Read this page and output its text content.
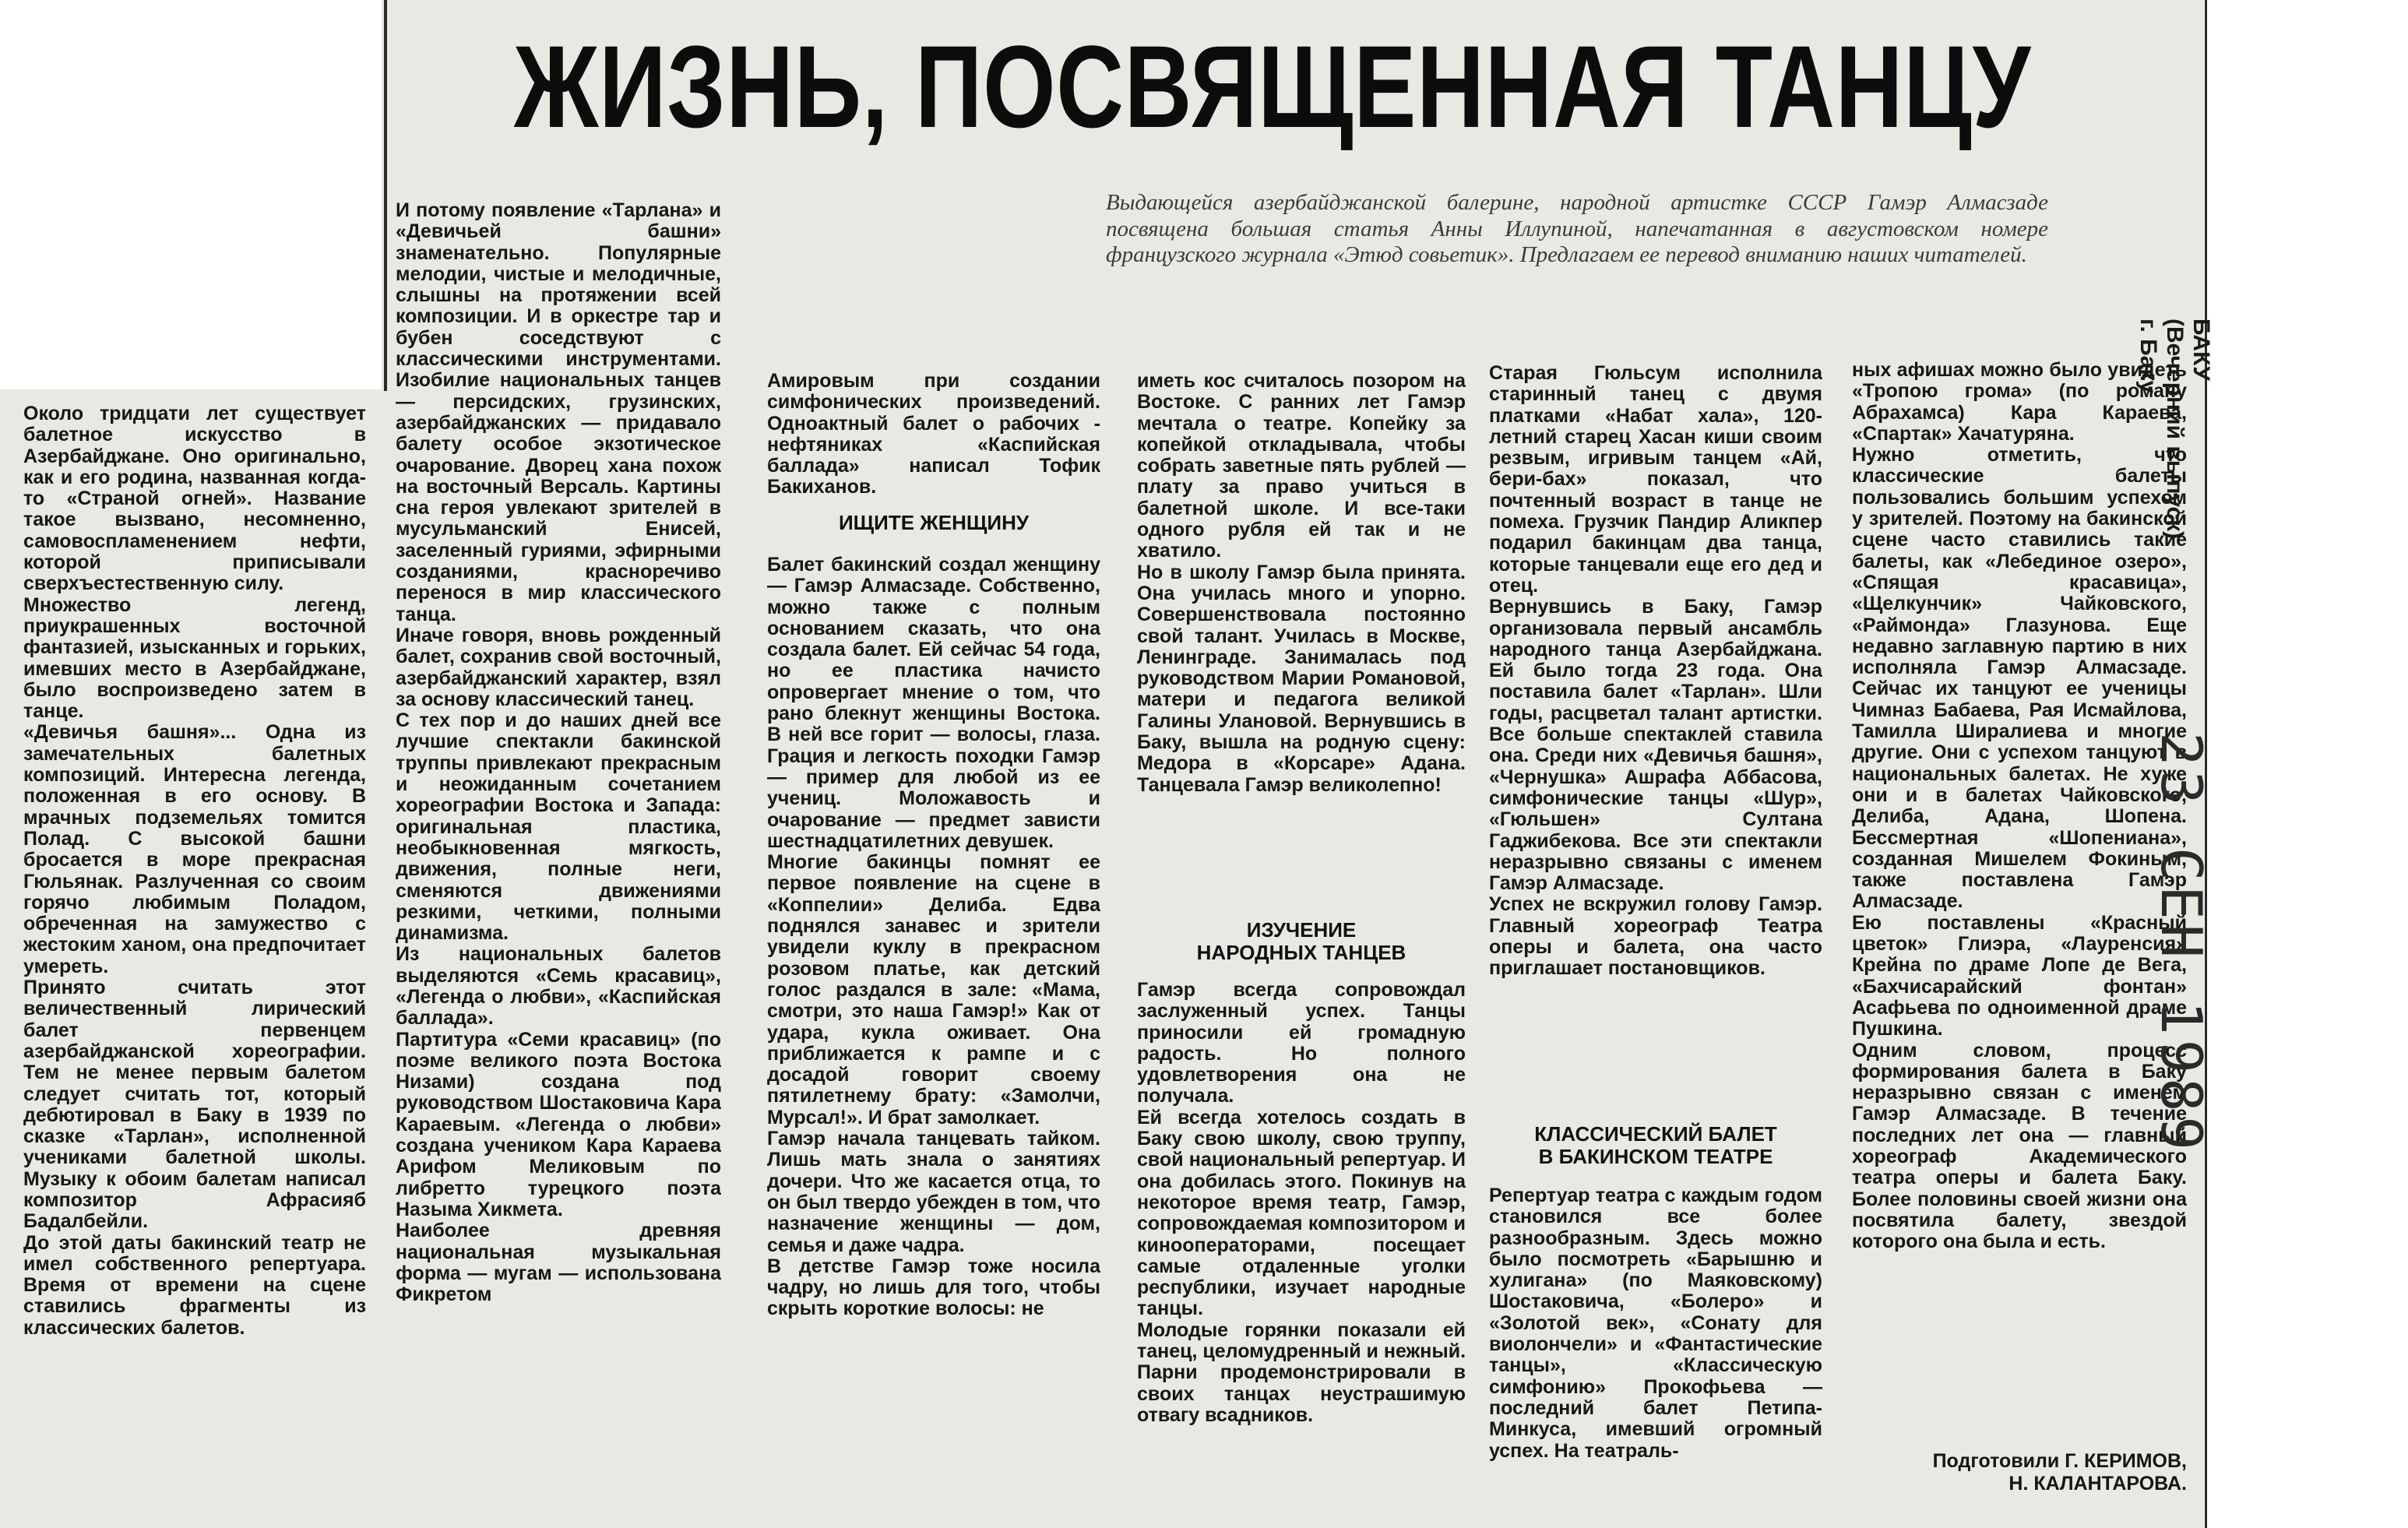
ЖИЗНЬ, ПОСВЯЩЕННАЯ ТАНЦУ

Выдающейся азербайджанской балерине, народной артистке СССР Гамэр Алмасзаде посвящена большая статья Анны Иллупиной, напечатанная в августовском номере французского журнала «Этюд совьетик». Предлагаем ее перевод вниманию наших читателей.

Около тридцати лет существует балетное искусство в Азербайджане. Оно оригинально, как и его родина, названная когда-то «Страной огней». Название такое вызвано, несомненно, самовоспламенением нефти, которой приписывали сверхъестественную силу.
Множество легенд, приукрашенных восточной фантазией, изысканных и горьких, имевших место в Азербайджане, было воспроизведено затем в танце.
«Девичья башня»... Одна из замечательных балетных композиций. Интересна легенда, положенная в его основу. В мрачных подземельях томится Полад. С высокой башни бросается в море прекрасная Гюльянак. Разлученная со своим горячо любимым Поладом, обреченная на замужество с жестоким ханом, она предпочитает умереть.
Принято считать этот величественный лирический балет первенцем азербайджанской хореографии. Тем не менее первым балетом следует считать тот, который дебютировал в Баку в 1939 по сказке «Тарлан», исполненной учениками балетной школы. Музыку к обоим балетам написал композитор Афрасияб Бадалбейли.
До этой даты бакинский театр не имел собственного репертуара. Время от времени на сцене ставились фрагменты из классических балетов.
И потому появление «Тарлана» и «Девичьей башни» знаменательно. Популярные мелодии, чистые и мелодичные, слышны на протяжении всей композиции. И в оркестре тар и бубен соседствуют с классическими инструментами. Изобилие национальных танцев — персидских, грузинских, азербайджанских — придавало балету особое экзотическое очарование. Дворец хана похож на восточный Версаль. Картины сна героя увлекают зрителей в мусульманский Енисей, заселенный гуриями, эфирными созданиями, красноречиво перенося в мир классического танца.
Иначе говоря, вновь рожденный балет, сохранив свой восточный, азербайджанский характер, взял за основу классический танец.
С тех пор и до наших дней все лучшие спектакли бакинской труппы привлекают прекрасным и неожиданным сочетанием хореографии Востока и Запада: оригинальная пластика, необыкновенная мягкость, движения, полные неги, сменяются движениями резкими, четкими, полными динамизма.
Из национальных балетов выделяются «Семь красавиц», «Легенда о любви», «Каспийская баллада».
Партитура «Семи красавиц» (по поэме великого поэта Востока Низами) создана под руководством Шостаковича Кара Караевым. «Легенда о любви» создана учеником Кара Караева Арифом Меликовым по либретто турецкого поэта Назыма Хикмета.
Наиболее древняя национальная музыкальная форма — мугам — использована Фикретом
Амировым при создании симфонических произведений. Одноактный балет о рабочих - нефтяниках «Каспийская баллада» написал Тофик Бакиханов.
ИЩИТЕ ЖЕНЩИНУ
Балет бакинский создал женщину — Гамэр Алмасзаде. Собственно, можно также с полным основанием сказать, что она создала балет. Ей сейчас 54 года, но ее пластика начисто опровергает мнение о том, что рано блекнут женщины Востока. В ней все горит — волосы, глаза. Грация и легкость походки Гамэр — пример для любой из ее учениц. Моложавость и очарование — предмет зависти шестнадцатилетних девушек.
Многие бакинцы помнят ее первое появление на сцене в «Коппелии» Делиба. Едва поднялся занавес и зрители увидели куклу в прекрасном розовом платье, как детский голос раздался в зале: «Мама, смотри, это наша Гамэр!» Как от удара, кукла оживает. Она приближается к рампе и с досадой говорит своему пятилетнему брату: «Замолчи, Мурсал!». И брат замолкает.
Гамэр начала танцевать тайком. Лишь мать знала о занятиях дочери. Что же касается отца, то он был твердо убежден в том, что назначение женщины — дом, семья и даже чадра.
В детстве Гамэр тоже носила чадру, но лишь для того, чтобы скрыть короткие волосы: не
иметь кос считалось позором на Востоке. С ранних лет Гамэр мечтала о театре. Копейку за копейкой откладывала, чтобы собрать заветные пять рублей — плату за право учиться в балетной школе. И все-таки одного рубля ей так и не хватило.
Но в школу Гамэр была принята. Она училась много и упорно. Совершенствовала постоянно свой талант. Училась в Москве, Ленинграде. Занималась под руководством Марии Романовой, матери и педагога великой Галины Улановой. Вернувшись в Баку, вышла на родную сцену: Медора в «Корсаре» Адана. Танцевала Гамэр великолепно!
ИЗУЧЕНИЕ
НАРОДНЫХ ТАНЦЕВ
Гамэр всегда сопровождал заслуженный успех. Танцы приносили ей громадную радость. Но полного удовлетворения она не получала.
Ей всегда хотелось создать в Баку свою школу, свою труппу, свой национальный репертуар. И она добилась этого. Покинув на некоторое время театр, Гамэр, сопровождаемая композитором и кинооператорами, посещает самые отдаленные уголки республики, изучает народные танцы.
Молодые горянки показали ей танец, целомудренный и нежный. Парни продемонстрировали в своих танцах неустрашимую отвагу всадников.
Старая Гюльсум исполнила старинный танец с двумя платками «Набат хала», 120-летний старец Хасан киши своим резвым, игривым танцем «Ай, бери-бах» показал, что почтенный возраст в танце не помеха. Грузчик Пандир Аликпер подарил бакинцам два танца, которые танцевали еще его дед и отец.
Вернувшись в Баку, Гамэр организовала первый ансамбль народного танца Азербайджана. Ей было тогда 23 года. Она поставила балет «Тарлан». Шли годы, расцветал талант артистки. Все больше спектаклей ставила она. Среди них «Девичья башня», «Чернушка» Ашрафа Аббасова, симфонические танцы «Шур», «Гюльшен» Султана Гаджибекова. Все эти спектакли неразрывно связаны с именем Гамэр Алмасзаде.
Успех не вскружил голову Гамэр. Главный хореограф Театра оперы и балета, она часто приглашает постановщиков.
КЛАССИЧЕСКИЙ БАЛЕТ
В БАКИНСКОМ ТЕАТРЕ
Репертуар театра с каждым годом становился все более разнообразным. Здесь можно было посмотреть «Барышню и хулигана» (по Маяковскому) Шостаковича, «Болеро» и «Золотой век», «Сонату для виолончели» и «Фантастические танцы», «Классическую симфонию» Прокофьева — последний балет Петипа-Минкуса, имевший огромный успех. На театраль-
ных афишах можно было увидеть «Тропою грома» (по роману Абрахамса) Кара Караева, «Спартак» Хачатуряна.
Нужно отметить, что классические балеты пользовались большим успехом у зрителей. Поэтому на бакинской сцене часто ставились такие балеты, как «Лебединое озеро», «Спящая красавица», «Щелкунчик» Чайковского, «Раймонда» Глазунова. Еще недавно заглавную партию в них исполняла Гамэр Алмасзаде. Сейчас их танцуют ее ученицы Чимназ Бабаева, Рая Исмайлова, Тамилла Ширалиева и многие другие. Они с успехом танцуют в национальных балетах. Не хуже они и в балетах Чайковского, Делиба, Адана, Шопена. Бессмертная «Шопениана», созданная Мишелем Фокиным, также поставлена Гамэр Алмасзаде.
Ею поставлены «Красный цветок» Глиэра, «Лауренсия» Крейна по драме Лопе де Вега, «Бахчисарайский фонтан» Асафьева по одноименной драме Пушкина.
Одним словом, процесс формирования балета в Баку неразрывно связан с именем Гамэр Алмасзаде. В течение последних лет она — главный хореограф Академического театра оперы и балета Баку. Более половины своей жизни она посвятила балету, звездой которого она была и есть.
Подготовили Г. КЕРИМОВ,
Н. КАЛАНТАРОВА.
БАКУ
(Вечерний выпуск)
г. Баку
23 СЕН 1989
